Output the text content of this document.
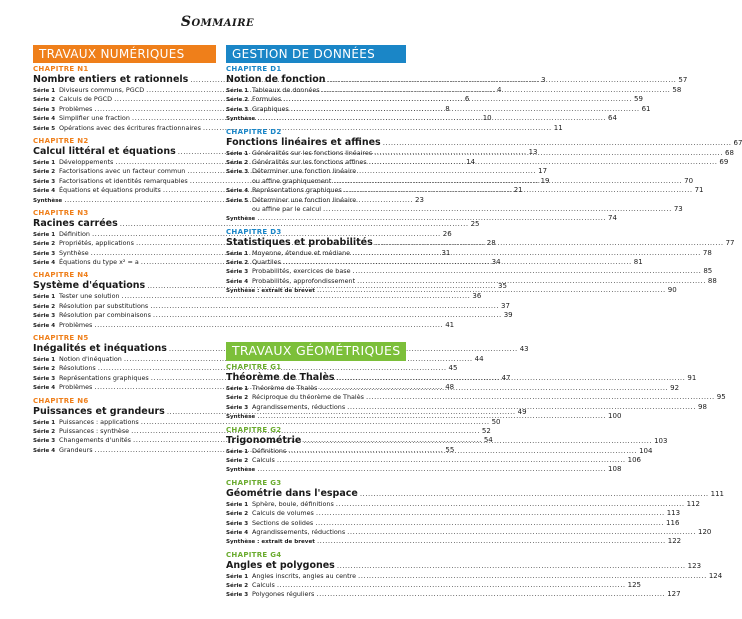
Sommaire
TRAVAUX NUMÉRIQUES
CHAPITRE N1
Nombre entiers et rationnels .....	3
Série 1 Diviseurs communs, PGCD .....	4
Série 2 Calculs de PGCD .....	6
Série 3 Problèmes .....	8
Série 4 Simplifier une fraction .....	10
Série 5 Opérations avec des écritures fractionnaires .....	11
CHAPITRE N2
Calcul littéral et équations .....	13
Série 1 Développements .....	14
Série 2 Factorisations avec un facteur commun .....	17
Série 3 Factorisations et identités remarquables .....	19
Série 4 Équations et équations produits .....	21
Synthèse .....	23
CHAPITRE N3
Racines carrées .....	25
Série 1 Définition .....	26
Série 2 Propriétés, applications .....	28
Série 3 Synthèse .....	31
Série 4 Équations du type x² = a .....	34
CHAPITRE N4
Système d'équations .....	35
Série 1 Tester une solution .....	36
Série 2 Résolution par substitutions .....	37
Série 3 Résolution par combinaisons .....	39
Série 4 Problèmes .....	41
CHAPITRE N5
Inégalités et inéquations .....	43
Série 1 Notion d'inéquation .....	44
Série 2 Résolutions .....	45
Série 3 Représentations graphiques .....	47
Série 4 Problèmes .....	48
CHAPITRE N6
Puissances et grandeurs .....	49
Série 1 Puissances : applications .....	50
Série 2 Puissances : synthèse .....	52
Série 3 Changements d'unités .....	54
Série 4 Grandeurs .....	55
GESTION DE DONNÉES
CHAPITRE D1
Notion de fonction .....	57
Série 1 Tableaux de données .....	58
Série 2 Formules .....	59
Série 3 Graphiques .....	61
Synthèse .....	64
CHAPITRE D2
Fonctions linéaires et affines .....	67
Série 1 Généralités sur les fonctions linéaires .....	68
Série 2 Généralités sur les fonctions affines .....	69
Série 3 Déterminer une fonction linéaire
ou affine graphiquement .....	70
Série 4 Représentations graphiques .....	71
Série 5 Déterminer une fonction linéaire
ou affine par le calcul .....	73
Synthèse .....	74
CHAPITRE D3
Statistiques et probabilités .....	77
Série 1 Moyenne, étendue et médiane .....	78
Série 2 Quartiles .....	81
Série 3 Probabilités, exercices de base .....	85
Série 4 Probabilités, approfondissement .....	88
Synthèse : extrait de brevet .....	90
TRAVAUX GÉOMÉTRIQUES
CHAPITRE G1
Théorème de Thalès .....	91
Série 1 Théorème de Thalès .....	92
Série 2 Réciproque du théorème de Thalès .....	95
Série 3 Agrandissements, réductions .....	98
Synthèse .....	100
CHAPITRE G2
Trigonométrie .....	103
Série 1 Définitions .....	104
Série 2 Calculs .....	106
Synthèse .....	108
CHAPITRE G3
Géométrie dans l'espace .....	111
Série 1 Sphère, boule, définitions .....	112
Série 2 Calculs de volumes .....	113
Série 3 Sections de solides .....	116
Série 4 Agrandissements, réductions .....	120
Synthèse : extrait de brevet .....	122
CHAPITRE G4
Angles et polygones .....	123
Série 1 Angles inscrits, angles au centre .....	124
Série 2 Calculs .....	125
Série 3 Polygones réguliers .....	127
